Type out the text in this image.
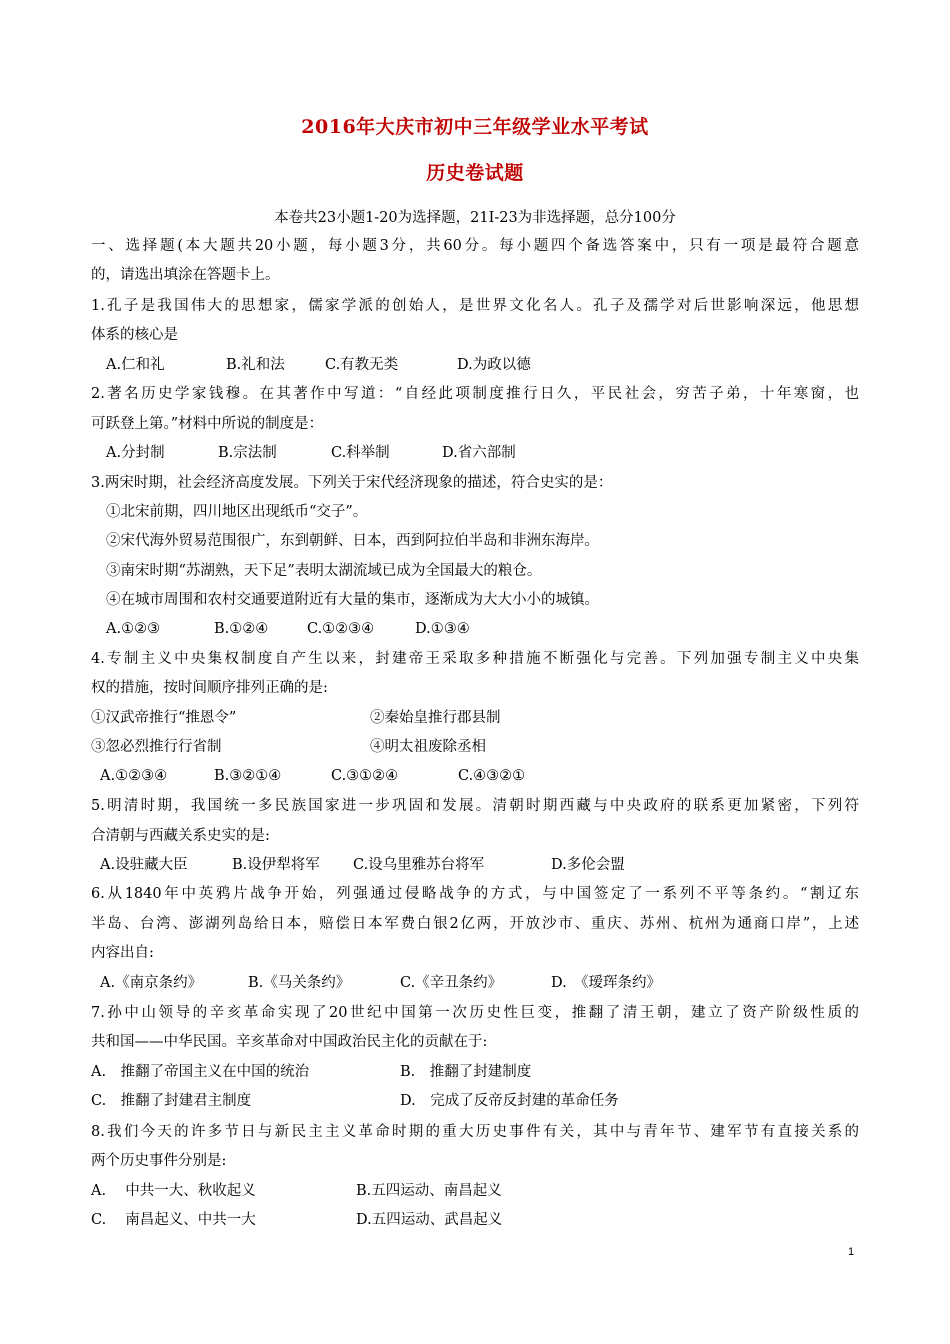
2016年大庆市初中三年级学业水平考试
历史卷试题
本卷共23小题1-20为选择题，21I-23为非选择题，总分100分
一、选择题(本大题共20小题，每小题3分，共60分。每小题四个备选答案中，只有一项是最符合题意
的，请选出填涂在答题卡上。
1.孔子是我国伟大的思想家，儒家学派的创始人，是世界文化名人。孔子及孺学对后世影响深远，他思想
体系的核心是
A.仁和礼	B.礼和法	C.有教无类	D.为政以德
2.著名历史学家钱穆。在其著作中写道：“自经此项制度推行日久，平民社会，穷苦子弟，十年寒窗，也
可跃登上第。”材料中所说的制度是：
A.分封制	B.宗法制	C.科举制	D.省六部制
3.两宋时期，社会经济高度发展。下列关于宋代经济现象的描述，符合史实的是：
①北宋前期，四川地区出现纸币“交子”。
②宋代海外贸易范围很广，东到朝鲜、日本，西到阿拉伯半岛和非洲东海岸。
③南宋时期“苏湖熟，天下足”表明太湖流域已成为全国最大的粮仓。
④在城市周围和农村交通要道附近有大量的集市，逐渐成为大大小小的城镇。
A.①②③	B.①②④	C.①②③④	D.①③④
4.专制主义中央集权制度自产生以来，封建帝王采取多种措施不断强化与完善。下列加强专制主义中央集
权的措施，按时间顺序排列正确的是:
①汉武帝推行“推恩令”	②秦始皇推行郡县制
③忽必烈推行行省制	④明太祖废除丞相
A.①②③④	B.③②①④	C.③①②④	C.④③②①
5.明清时期，我国统一多民族国家进一步巩固和发展。清朝时期西藏与中央政府的联系更加紧密，下列符
合清朝与西藏关系史实的是:
A.设驻藏大臣	B.设伊犁将军 C.设乌里雅苏台将军	D.多伦会盟
6.从1840年中英鸦片战争开始，列强通过侵略战争的方式，与中国签定了一系列不平等条约。“割辽东
半岛、台湾、澎湖列岛给日本，赔偿日本军费白银2亿两，开放沙市、重庆、苏州、杭州为通商口岸”，上述
内容出自:
A.《南京条约》	B.《马关条约》	C.《辛丑条约》	D.　《瑷珲条约》
7.孙中山领导的辛亥革命实现了20世纪中国第一次历史性巨变，推翻了清王朝，建立了资产阶级性质的
共和国——中华民国。辛亥革命对中国政治民主化的贡献在于:
A.　推翻了帝国主义在中国的统治	B.　推翻了封建制度
C.　推翻了封建君主制度	D.　完成了反帝反封建的革命任务
8.我们今天的许多节日与新民主主义革命时期的重大历史事件有关，其中与青年节、建军节有直接关系的
两个历史事件分别是:
A.　 中共一大、秋收起义	B.五四运动、南昌起义
C.　 南昌起义、中共一大	D.五四运动、武昌起义
1
